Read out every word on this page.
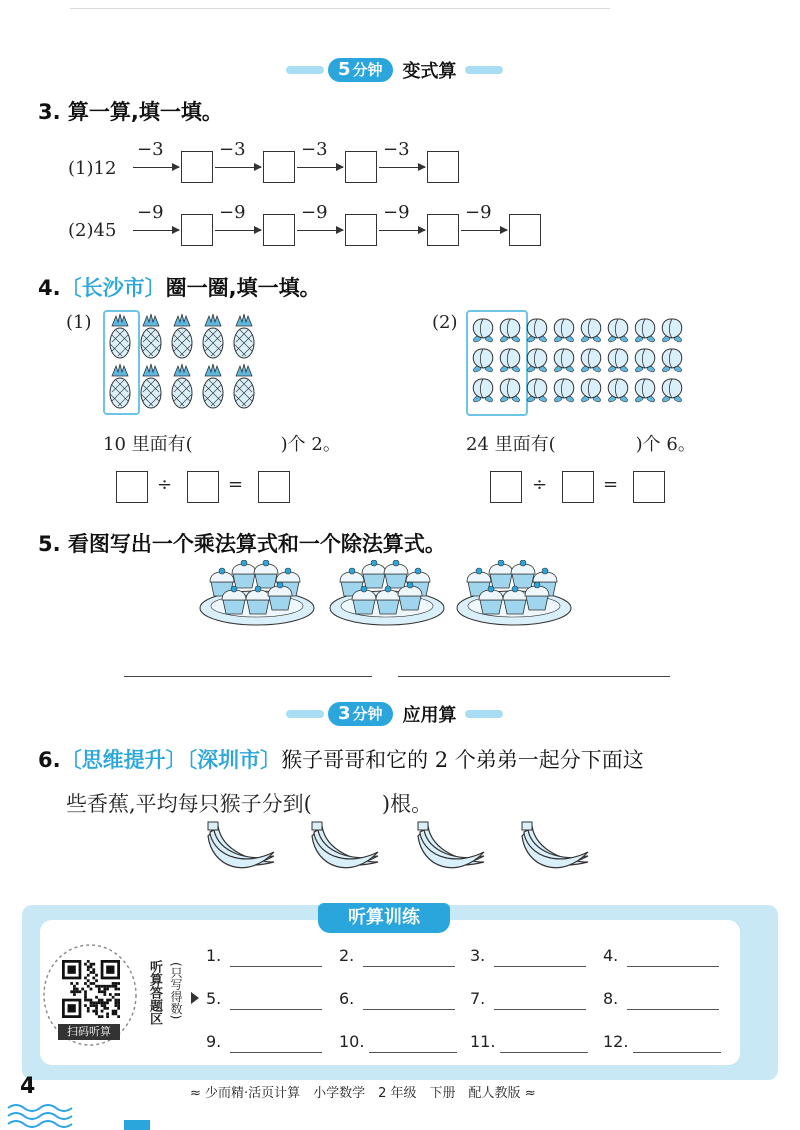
5 分钟	变式算
3. 算一算,填一填。
(1)12
−3	−3	−3	−3
(2)45
−9	−9	−9	−9	−9
4.〔长沙市〕圈一圈,填一填。
(1)	(2)
10 里面有(	)个 2。	24 里面有(	)个 6。
÷	=	÷	=
5. 看图写出一个乘法算式和一个除法算式。
3 分钟	应用算
6.〔思维提升〕〔深圳市〕猴子哥哥和它的 2 个弟弟一起分下面这
些香蕉,平均每只猴子分到(	)根。
听算训练
扫码听算
听算答题区 (只写得数)
1.	2.	3.	4.
5.	6.	7.	8.
9.	10.	11.	12.
4	≈ 少而精·活页计算　小学数学　2 年级　下册　配人教版 ≈
